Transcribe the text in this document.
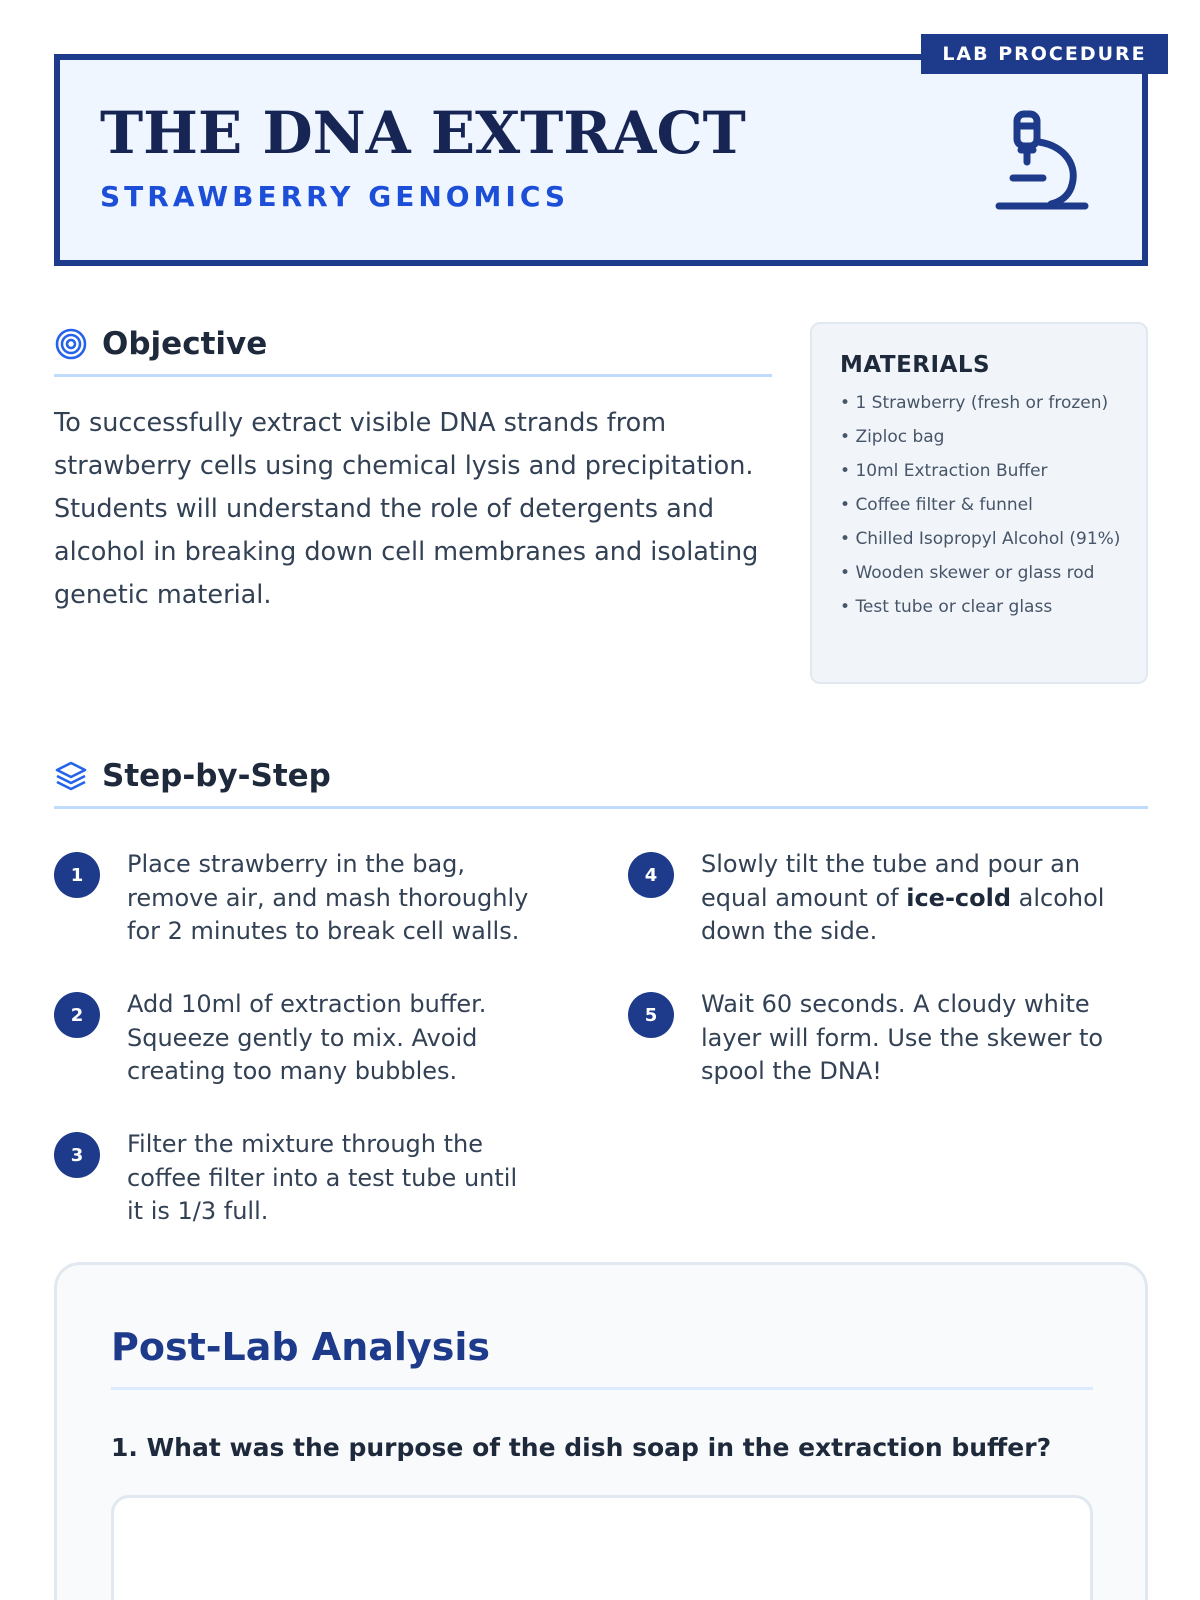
LAB PROCEDURE
THE DNA EXTRACT
STRAWBERRY GENOMICS
Objective

To successfully extract visible DNA strands from strawberry cells using chemical lysis and precipitation. Students will understand the role of detergents and alcohol in breaking down cell membranes and isolating genetic material.

MATERIALS
• 1 Strawberry (fresh or frozen)
• Ziploc bag
• 10ml Extraction Buffer
• Coffee filter & funnel
• Chilled Isopropyl Alcohol (91%)
• Wooden skewer or glass rod
• Test tube or clear glass
Step-by-Step
1	Place strawberry in the bag, remove air, and mash thoroughly for 2 minutes to break cell walls.
2	Add 10ml of extraction buffer. Squeeze gently to mix. Avoid creating too many bubbles.
3	Filter the mixture through the coffee filter into a test tube until it is 1/3 full.
4	Slowly tilt the tube and pour an equal amount of ice-cold alcohol down the side.
5	Wait 60 seconds. A cloudy white layer will form. Use the skewer to spool the DNA!
Post-Lab Analysis
1. What was the purpose of the dish soap in the extraction buffer?
